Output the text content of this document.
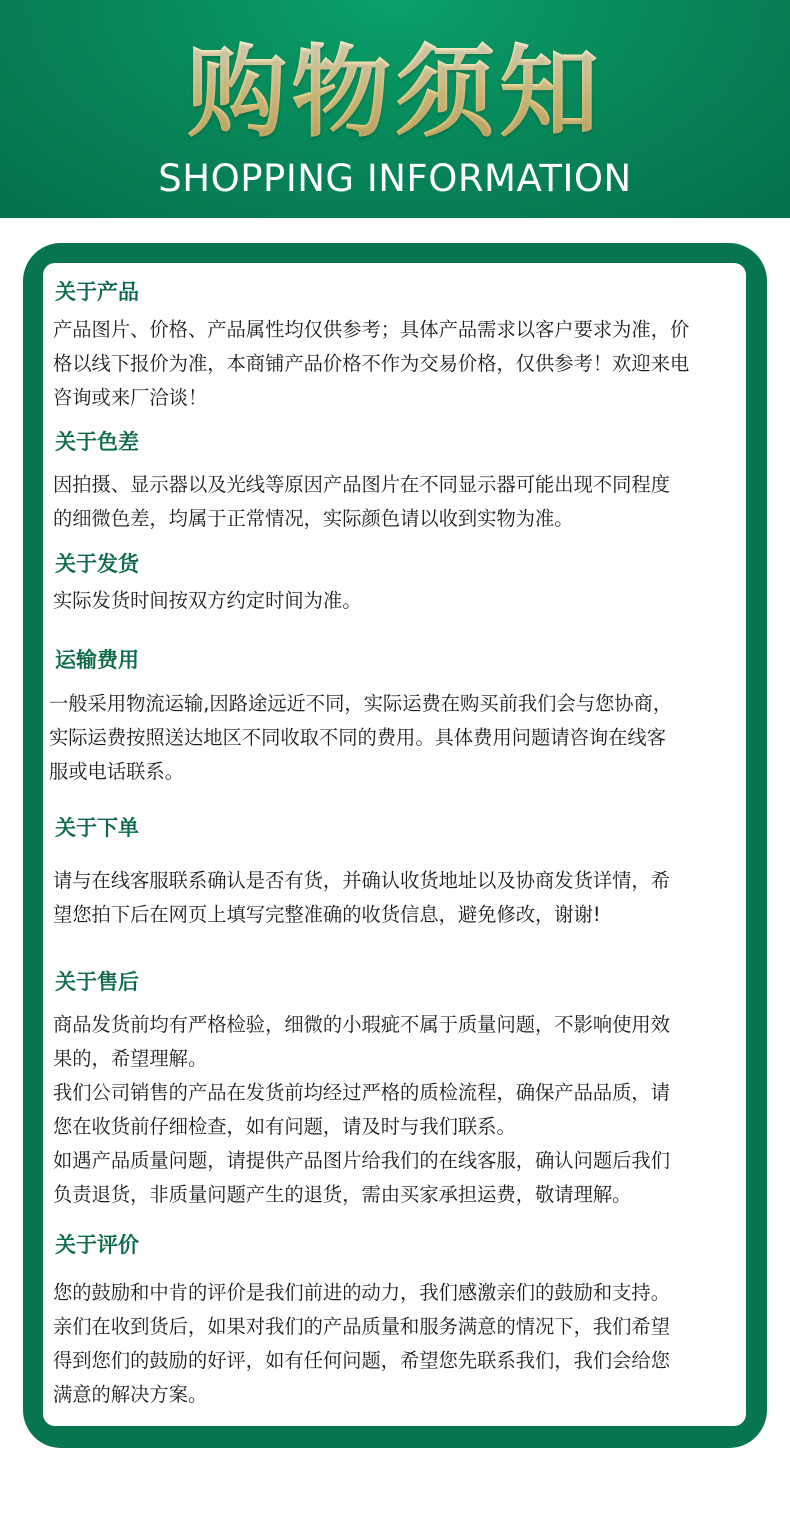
购物须知
SHOPPING INFORMATION
关于产品
产品图片、价格、产品属性均仅供参考；具体产品需求以客户要求为准，价
格以线下报价为准，本商铺产品价格不作为交易价格，仅供参考！欢迎来电
咨询或来厂洽谈！
关于色差
因拍摄、显示器以及光线等原因产品图片在不同显示器可能出现不同程度
的细微色差，均属于正常情况，实际颜色请以收到实物为准。
关于发货
实际发货时间按双方约定时间为准。
运输费用
一般采用物流运输,因路途远近不同，实际运费在购买前我们会与您协商，
实际运费按照送达地区不同收取不同的费用。具体费用问题请咨询在线客
服或电话联系。
关于下单
请与在线客服联系确认是否有货，并确认收货地址以及协商发货详情，希
望您拍下后在网页上填写完整准确的收货信息，避免修改，谢谢!
关于售后
商品发货前均有严格检验，细微的小瑕疵不属于质量问题，不影响使用效
果的，希望理解。
我们公司销售的产品在发货前均经过严格的质检流程，确保产品品质，请
您在收货前仔细检查，如有问题，请及时与我们联系。
如遇产品质量问题，请提供产品图片给我们的在线客服，确认问题后我们
负责退货，非质量问题产生的退货，需由买家承担运费，敬请理解。
关于评价
您的鼓励和中肯的评价是我们前进的动力，我们感激亲们的鼓励和支持。
亲们在收到货后，如果对我们的产品质量和服务满意的情况下，我们希望
得到您们的鼓励的好评，如有任何问题，希望您先联系我们，我们会给您
满意的解决方案。
